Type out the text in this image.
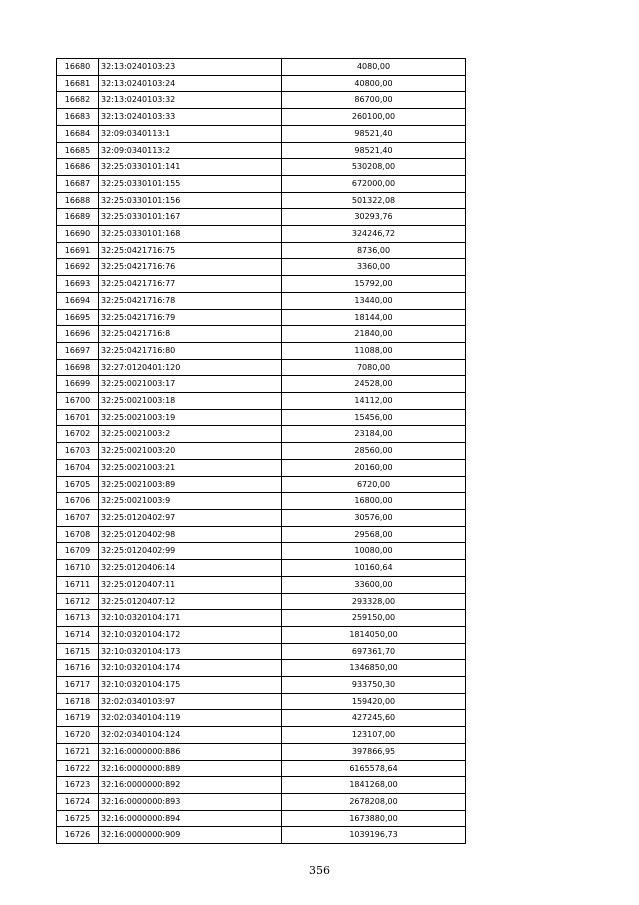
16680	32:13:0240103:23	4080,00
16681	32:13:0240103:24	40800,00
16682	32:13:0240103:32	86700,00
16683	32:13:0240103:33	260100,00
16684	32:09:0340113:1	98521,40
16685	32:09:0340113:2	98521,40
16686	32:25:0330101:141	530208,00
16687	32:25:0330101:155	672000,00
16688	32:25:0330101:156	501322,08
16689	32:25:0330101:167	30293,76
16690	32:25:0330101:168	324246,72
16691	32:25:0421716:75	8736,00
16692	32:25:0421716:76	3360,00
16693	32:25:0421716:77	15792,00
16694	32:25:0421716:78	13440,00
16695	32:25:0421716:79	18144,00
16696	32:25:0421716:8	21840,00
16697	32:25:0421716:80	11088,00
16698	32:27:0120401:120	7080,00
16699	32:25:0021003:17	24528,00
16700	32:25:0021003:18	14112,00
16701	32:25:0021003:19	15456,00
16702	32:25:0021003:2	23184,00
16703	32:25:0021003:20	28560,00
16704	32:25:0021003:21	20160,00
16705	32:25:0021003:89	6720,00
16706	32:25:0021003:9	16800,00
16707	32:25:0120402:97	30576,00
16708	32:25:0120402:98	29568,00
16709	32:25:0120402:99	10080,00
16710	32:25:0120406:14	10160,64
16711	32:25:0120407:11	33600,00
16712	32:25:0120407:12	293328,00
16713	32:10:0320104:171	259150,00
16714	32:10:0320104:172	1814050,00
16715	32:10:0320104:173	697361,70
16716	32:10:0320104:174	1346850,00
16717	32:10:0320104:175	933750,30
16718	32:02:0340103:97	159420,00
16719	32:02:0340104:119	427245,60
16720	32:02:0340104:124	123107,00
16721	32:16:0000000:886	397866,95
16722	32:16:0000000:889	6165578,64
16723	32:16:0000000:892	1841268,00
16724	32:16:0000000:893	2678208,00
16725	32:16:0000000:894	1673880,00
16726	32:16:0000000:909	1039196,73
356
